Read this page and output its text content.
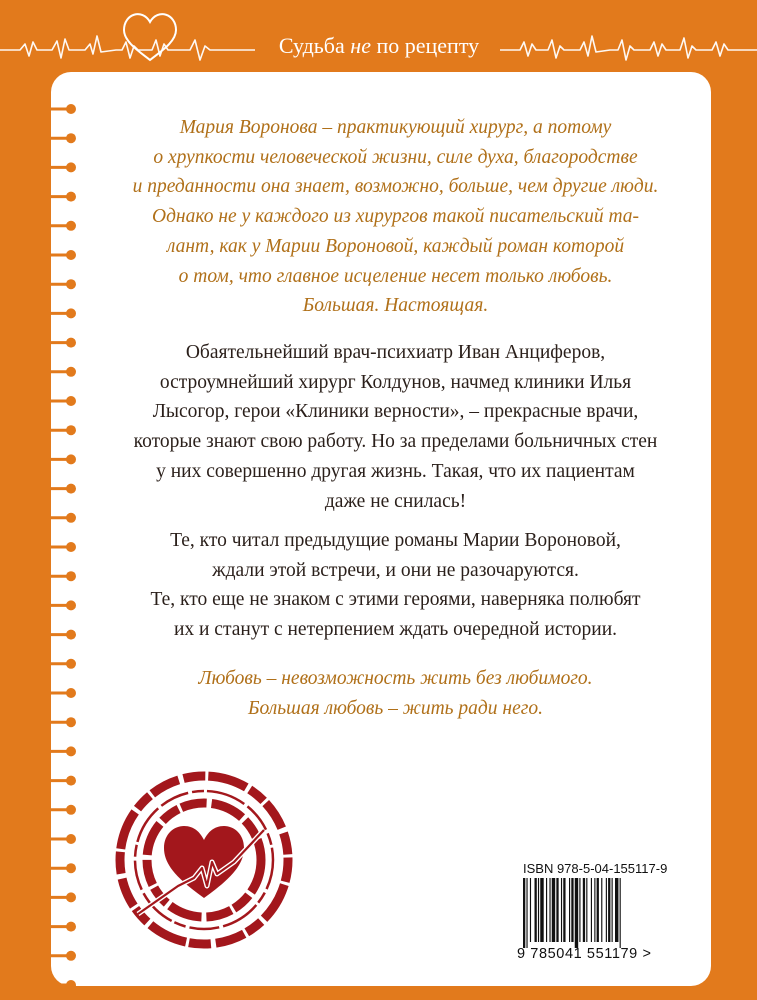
Судьба не по рецепту
Мария Воронова – практикующий хирург, а потому
о хрупкости человеческой жизни, силе духа, благородстве
и преданности она знает, возможно, больше, чем другие люди.
Однако не у каждого из хирургов такой писательский та-
лант, как у Марии Вороновой, каждый роман которой
о том, что главное исцеление несет только любовь.
Большая. Настоящая.
Обаятельнейший врач-психиатр Иван Анциферов,
остроумнейший хирург Колдунов, начмед клиники Илья
Лысогор, герои «Клиники верности», – прекрасные врачи,
которые знают свою работу. Но за пределами больничных стен
у них совершенно другая жизнь. Такая, что их пациентам
даже не снилась!
Те, кто читал предыдущие романы Марии Вороновой,
ждали этой встречи, и они не разочаруются.
Те, кто еще не знаком с этими героями, наверняка полюбят
их и станут с нетерпением ждать очередной истории.
Любовь – невозможность жить без любимого.
Большая любовь – жить ради него.
ISBN 978-5-04-155117-9
9 785041 551179 >
